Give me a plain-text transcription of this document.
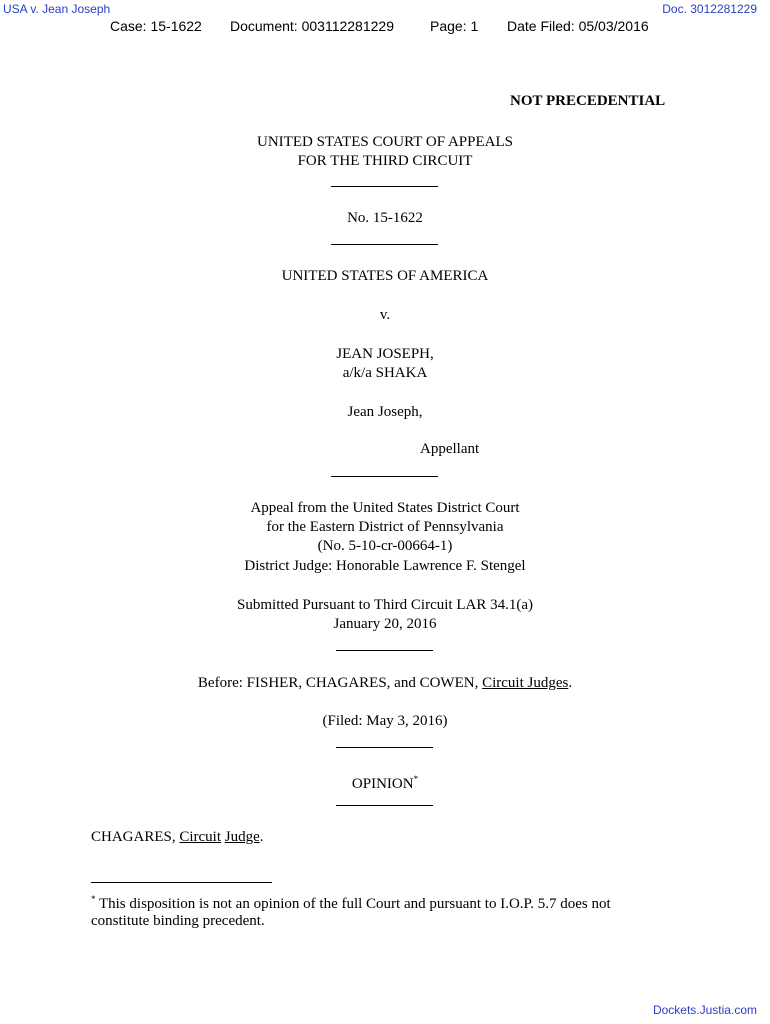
USA v. Jean Joseph	Doc. 3012281229
Case: 15-1622 Document: 003112281229	Page: 1 Date Filed: 05/03/2016
NOT PRECEDENTIAL
UNITED STATES COURT OF APPEALS
FOR THE THIRD CIRCUIT
No. 15-1622
UNITED STATES OF AMERICA
v.
JEAN JOSEPH,
a/k/a SHAKA
Jean Joseph,
Appellant
Appeal from the United States District Court
for the Eastern District of Pennsylvania
(No. 5-10-cr-00664-1)
District Judge: Honorable Lawrence F. Stengel
Submitted Pursuant to Third Circuit LAR 34.1(a)
January 20, 2016
Before: FISHER, CHAGARES, and COWEN, Circuit Judges.
(Filed: May 3, 2016)
OPINION*
CHAGARES, Circuit Judge.
* This disposition is not an opinion of the full Court and pursuant to I.O.P. 5.7 does not
constitute binding precedent.
Dockets.Justia.com
